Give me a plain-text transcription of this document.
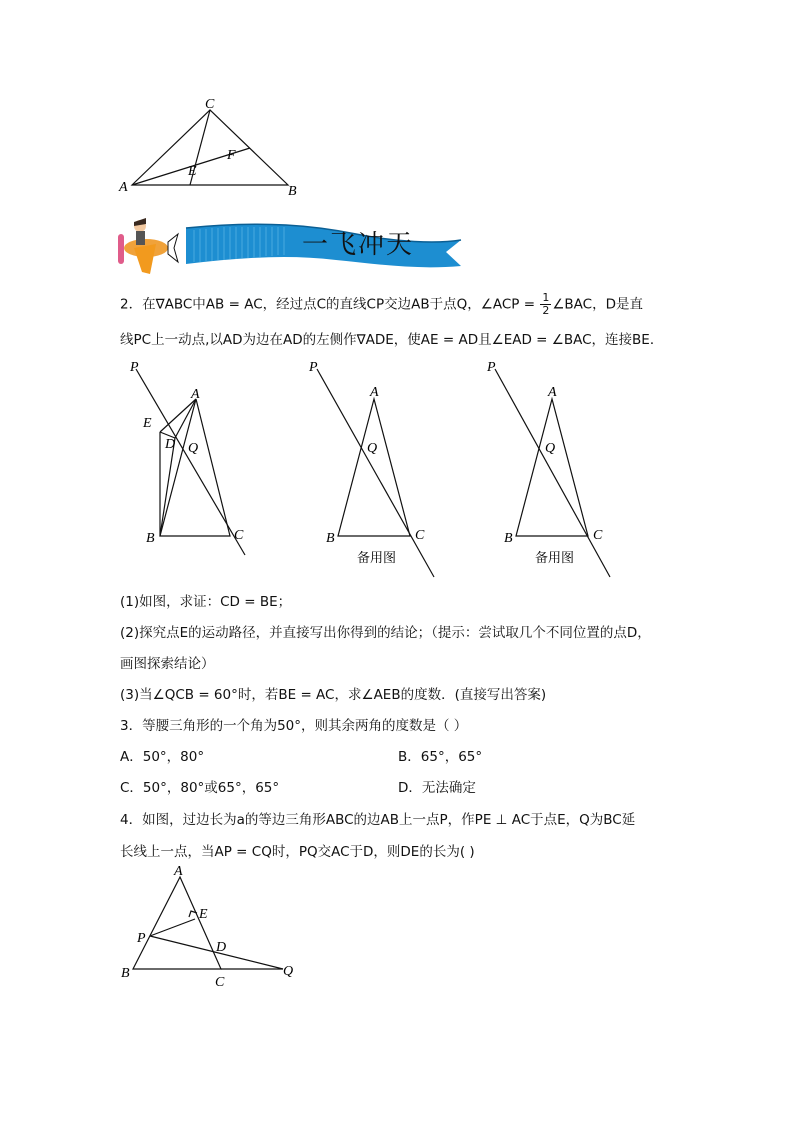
C
A	B
E
F
一飞冲天
2．在∇ABC中AB = AC，经过点C的直线CP交边AB于点Q，∠ACP = $\frac{1}{2}$ ∠BAC，D是直
线PC上一动点,以AD为边在AD的左侧作∇ADE，使AE = AD且∠EAD = ∠BAC，连接BE．
P
A
E
D Q
B	C
P
A
Q
B	C
备用图
P
A
Q
B	C
备用图
(1)如图，求证：CD = BE；
(2)探究点E的运动路径，并直接写出你得到的结论；（提示：尝试取几个不同位置的点D，
画图探索结论）
(3)当∠QCB = 60°时，若BE = AC，求∠AEB的度数．(直接写出答案)
3．等腰三角形的一个角为50°，则其余两角的度数是（ ）
A．50°，80°	B．65°，65°
C．50°，80°或65°，65°	D．无法确定
4．如图，过边长为a的等边三角形ABC的边AB上一点P，作PE ⊥ AC于点E，Q为BC延
长线上一点，当AP = CQ时，PQ交AC于D，则DE的长为( )
A
E
P
D
B
C
Q
